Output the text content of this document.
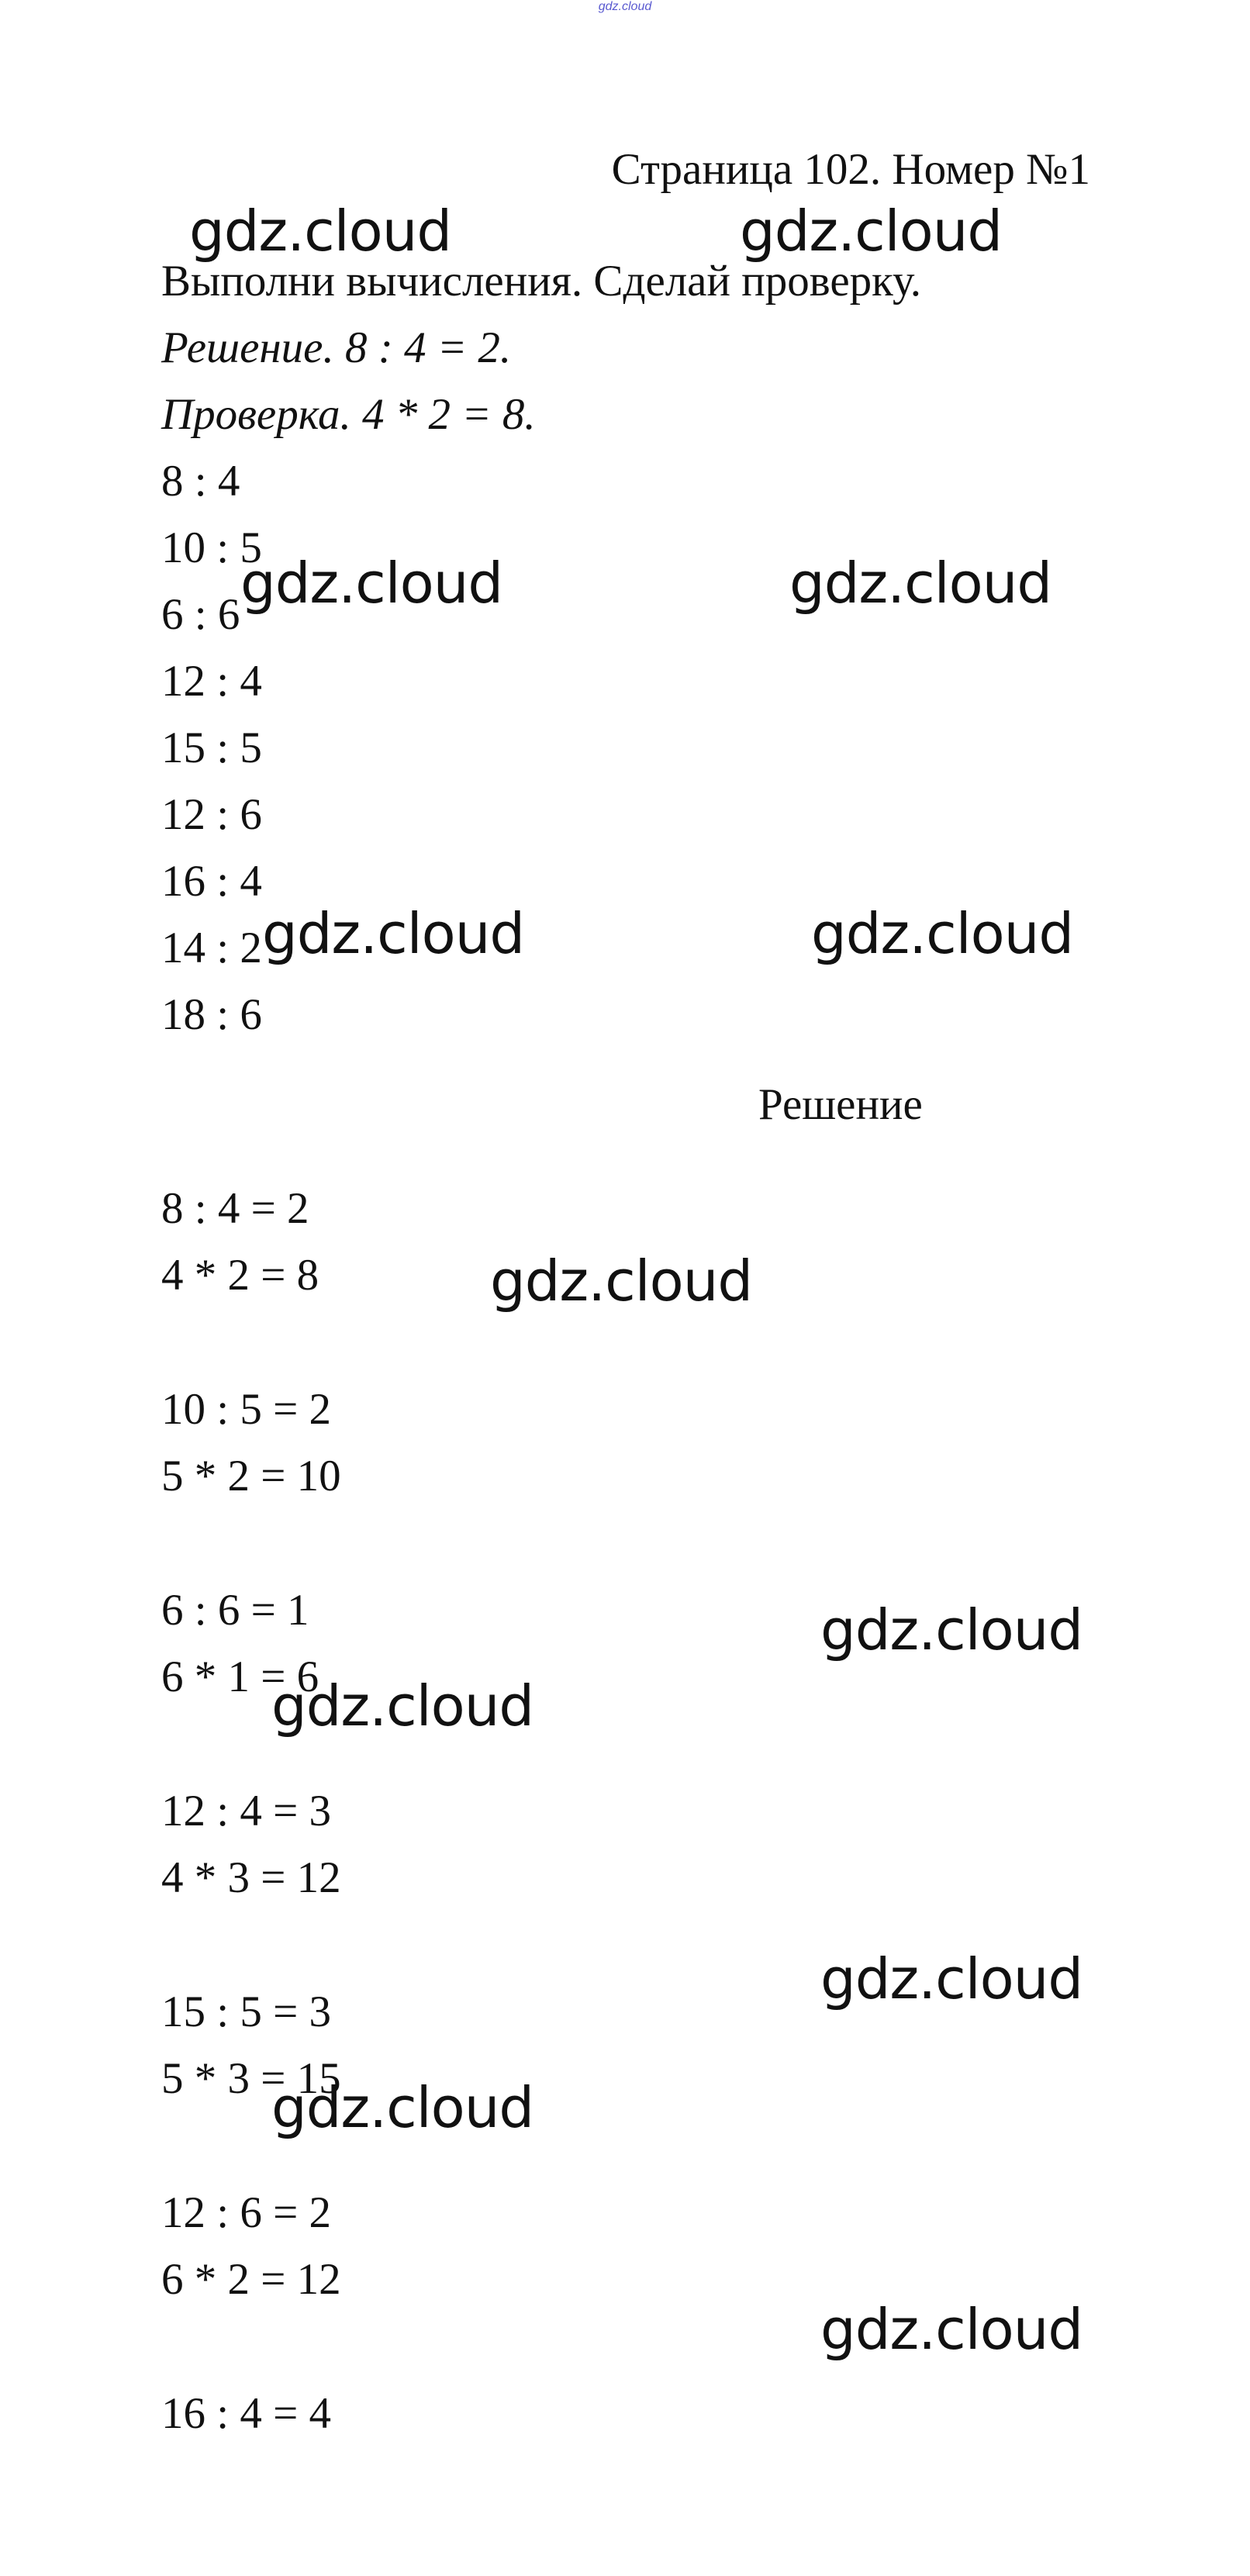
gdz.cloud
Страница 102. Номер №1
Выполни вычисления. Сделай проверку.
Решение. 8 : 4 = 2.
Проверка. 4 * 2 = 8.
8 : 4
10 : 5
6 : 6
12 : 4
15 : 5
12 : 6
16 : 4
14 : 2
18 : 6
Решение
8 : 4 = 2
4 * 2 = 8
10 : 5 = 2
5 * 2 = 10
6 : 6 = 1
6 * 1 = 6
12 : 4 = 3
4 * 3 = 12
15 : 5 = 3
5 * 3 = 15
12 : 6 = 2
6 * 2 = 12
16 : 4 = 4
gdz.cloud	gdz.cloud
gdz.cloud	gdz.cloud
gdz.cloud	gdz.cloud
gdz.cloud
gdz.cloud
gdz.cloud
gdz.cloud
gdz.cloud
gdz.cloud
